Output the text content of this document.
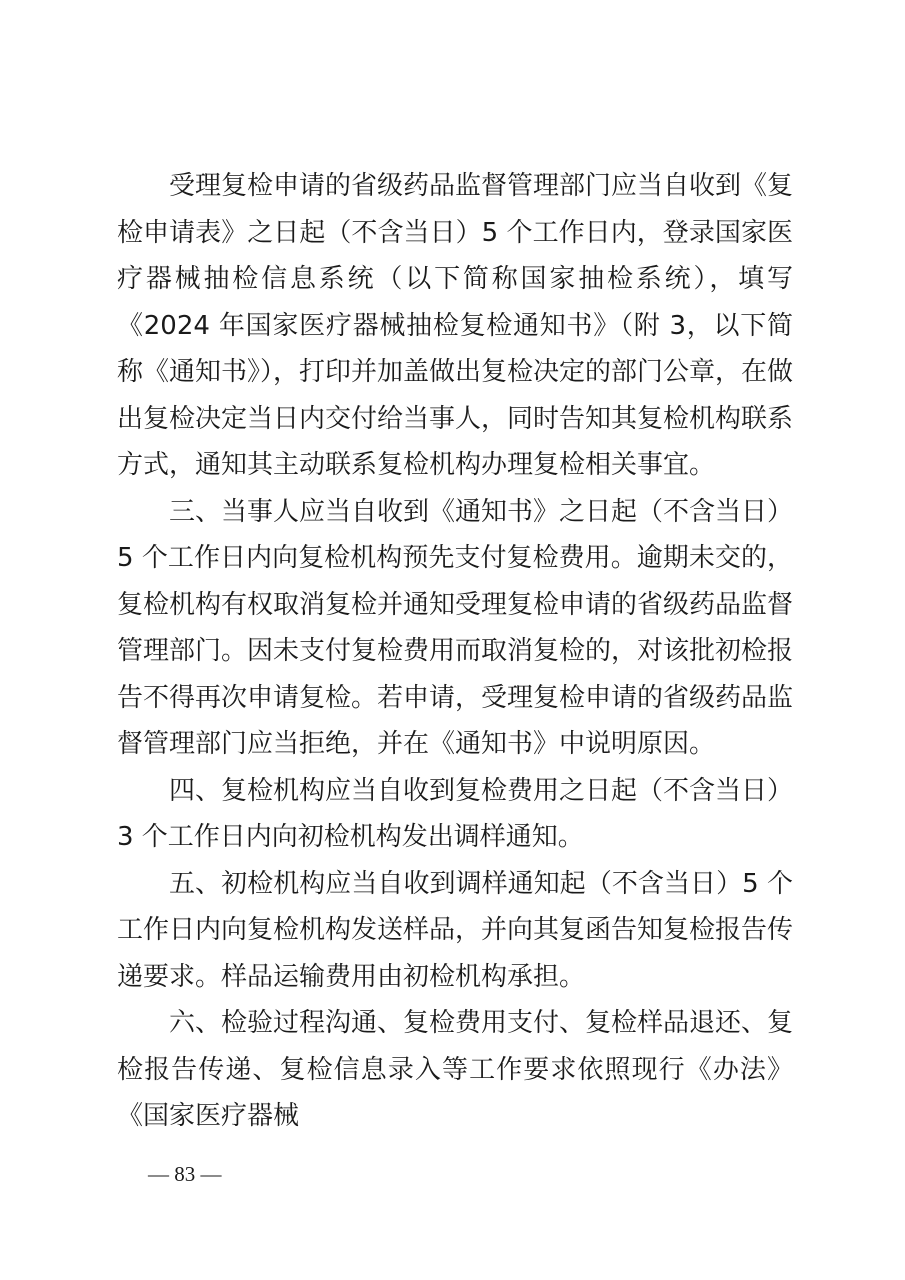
受理复检申请的省级药品监督管理部门应当自收到《复检申请表》之日起（不含当日）5 个工作日内，登录国家医疗器械抽检信息系统（以下简称国家抽检系统），填写《2024 年国家医疗器械抽检复检通知书》（附 3，以下简称《通知书》），打印并加盖做出复检决定的部门公章，在做出复检决定当日内交付给当事人，同时告知其复检机构联系方式，通知其主动联系复检机构办理复检相关事宜。

三、当事人应当自收到《通知书》之日起（不含当日）5 个工作日内向复检机构预先支付复检费用。逾期未交的，复检机构有权取消复检并通知受理复检申请的省级药品监督管理部门。因未支付复检费用而取消复检的，对该批初检报告不得再次申请复检。若申请，受理复检申请的省级药品监督管理部门应当拒绝，并在《通知书》中说明原因。

四、复检机构应当自收到复检费用之日起（不含当日）3 个工作日内向初检机构发出调样通知。

五、初检机构应当自收到调样通知起（不含当日）5 个工作日内向复检机构发送样品，并向其复函告知复检报告传递要求。样品运输费用由初检机构承担。

六、检验过程沟通、复检费用支付、复检样品退还、复检报告传递、复检信息录入等工作要求依照现行《办法》《国家医疗器械

— 83 —
